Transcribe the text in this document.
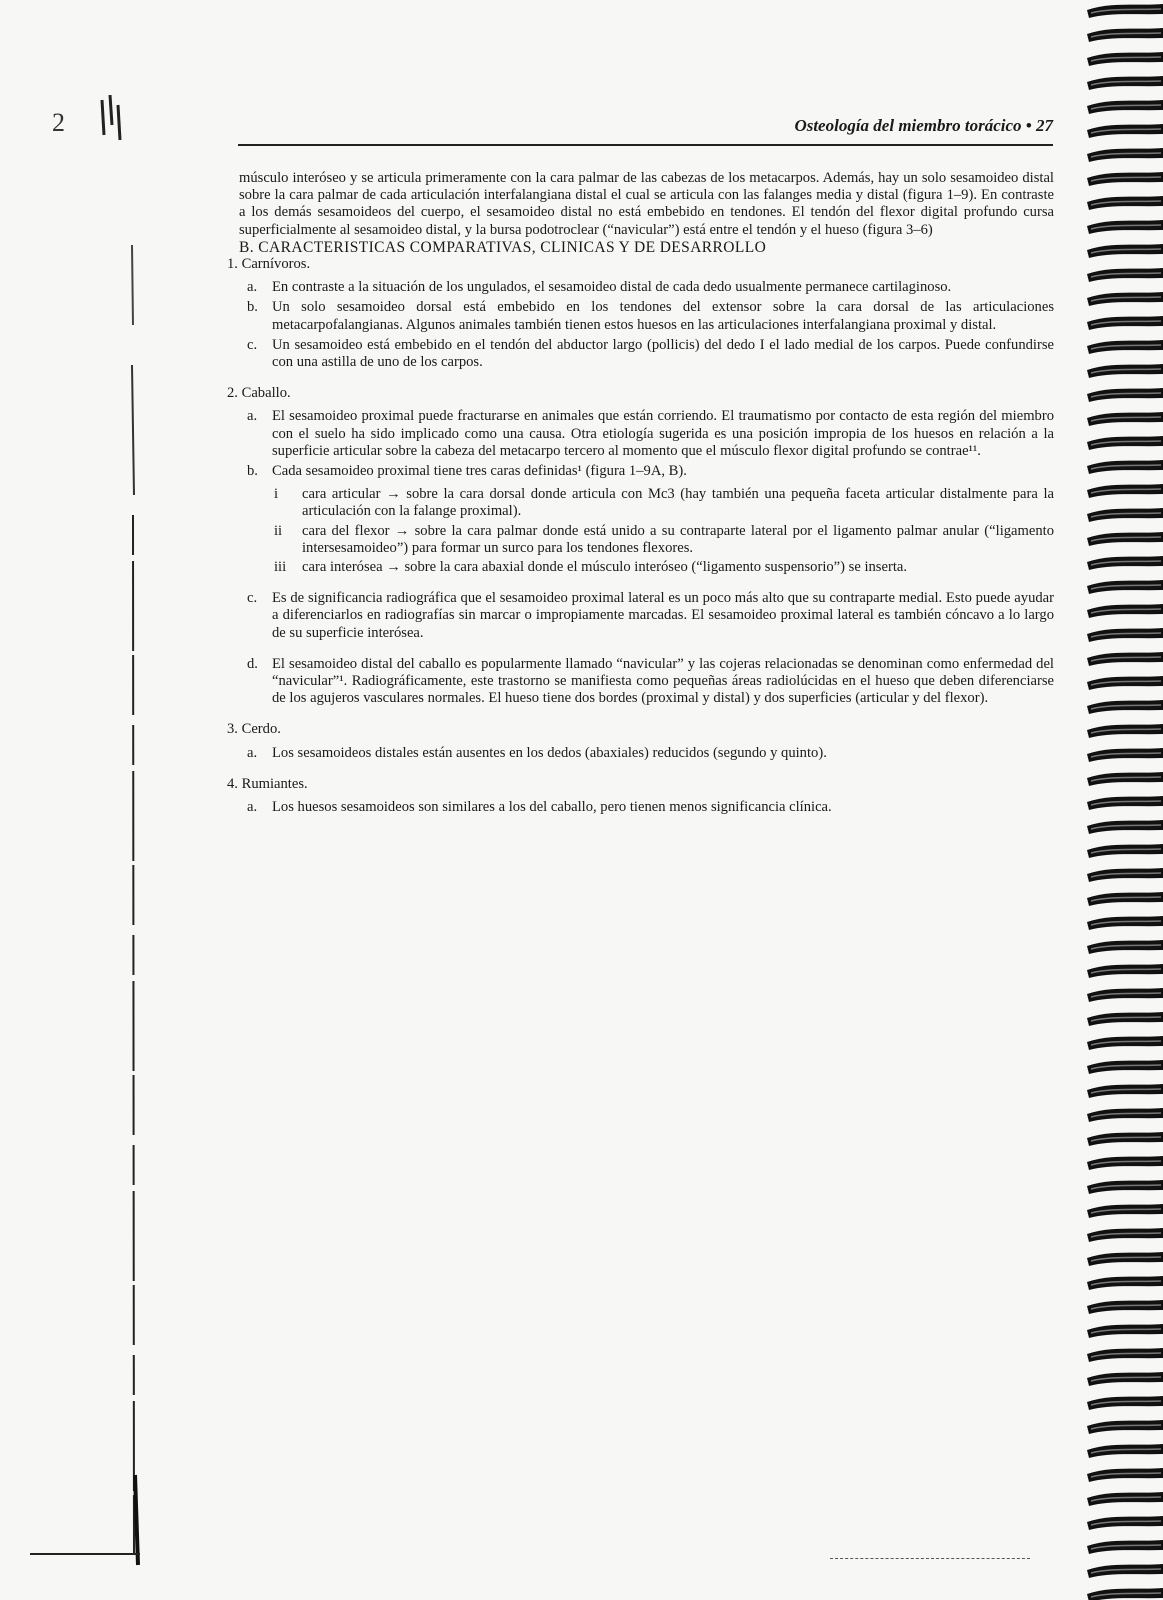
2	Osteología del miembro torácico • 27

músculo interóseo y se articula primeramente con la cara palmar de las cabezas de los metacarpos. Además, hay un solo sesamoideo distal sobre la cara palmar de cada articulación interfalangiana distal el cual se articula con las falanges media y distal (figura 1–9). En contraste a los demás sesamoideos del cuerpo, el sesamoideo distal no está embebido en tendones. El tendón del flexor digital profundo cursa superficialmente al sesamoideo distal, y la bursa podotroclear (“navicular”) está entre el tendón y el hueso (figura 3–6)

B. CARACTERISTICAS COMPARATIVAS, CLINICAS Y DE DESARROLLO

1. Carnívoros.
a. En contraste a la situación de los ungulados, el sesamoideo distal de cada dedo usualmente permanece cartilaginoso.
b. Un solo sesamoideo dorsal está embebido en los tendones del extensor sobre la cara dorsal de las articulaciones metacarpofalangianas. Algunos animales también tienen estos huesos en las articulaciones interfalangiana proximal y distal.
c. Un sesamoideo está embebido en el tendón del abductor largo (pollicis) del dedo I el lado medial de los carpos. Puede confundirse con una astilla de uno de los carpos.
2. Caballo.
a. El sesamoideo proximal puede fracturarse en animales que están corriendo. El traumatismo por contacto de esta región del miembro con el suelo ha sido implicado como una causa. Otra etiología sugerida es una posición impropia de los huesos en relación a la superficie articular sobre la cabeza del metacarpo tercero al momento que el músculo flexor digital profundo se contrae¹¹.
b. Cada sesamoideo proximal tiene tres caras definidas¹ (figura 1–9A, B).
i	cara articular → sobre la cara dorsal donde articula con Mc3 (hay también una pequeña faceta articular distalmente para la articulación con la falange proximal).
ii	cara del flexor → sobre la cara palmar donde está unido a su contraparte lateral por el ligamento palmar anular (“ligamento intersesamoideo”) para formar un surco para los tendones flexores.
iii	cara interósea → sobre la cara abaxial donde el músculo interóseo (“ligamento suspensorio”) se inserta.
c. Es de significancia radiográfica que el sesamoideo proximal lateral es un poco más alto que su contraparte medial. Esto puede ayudar a diferenciarlos en radiografías sin marcar o impropiamente marcadas. El sesamoideo proximal lateral es también cóncavo a lo largo de su superficie interósea.
d. El sesamoideo distal del caballo es popularmente llamado “navicular” y las cojeras relacionadas se denominan como enfermedad del “navicular”¹. Radiográficamente, este trastorno se manifiesta como pequeñas áreas radiolúcidas en el hueso que deben diferenciarse de los agujeros vasculares normales. El hueso tiene dos bordes (proximal y distal) y dos superficies (articular y del flexor).
3. Cerdo.
a. Los sesamoideos distales están ausentes en los dedos (abaxiales) reducidos (segundo y quinto).
4. Rumiantes.
a. Los huesos sesamoideos son similares a los del caballo, pero tienen menos significancia clínica.
